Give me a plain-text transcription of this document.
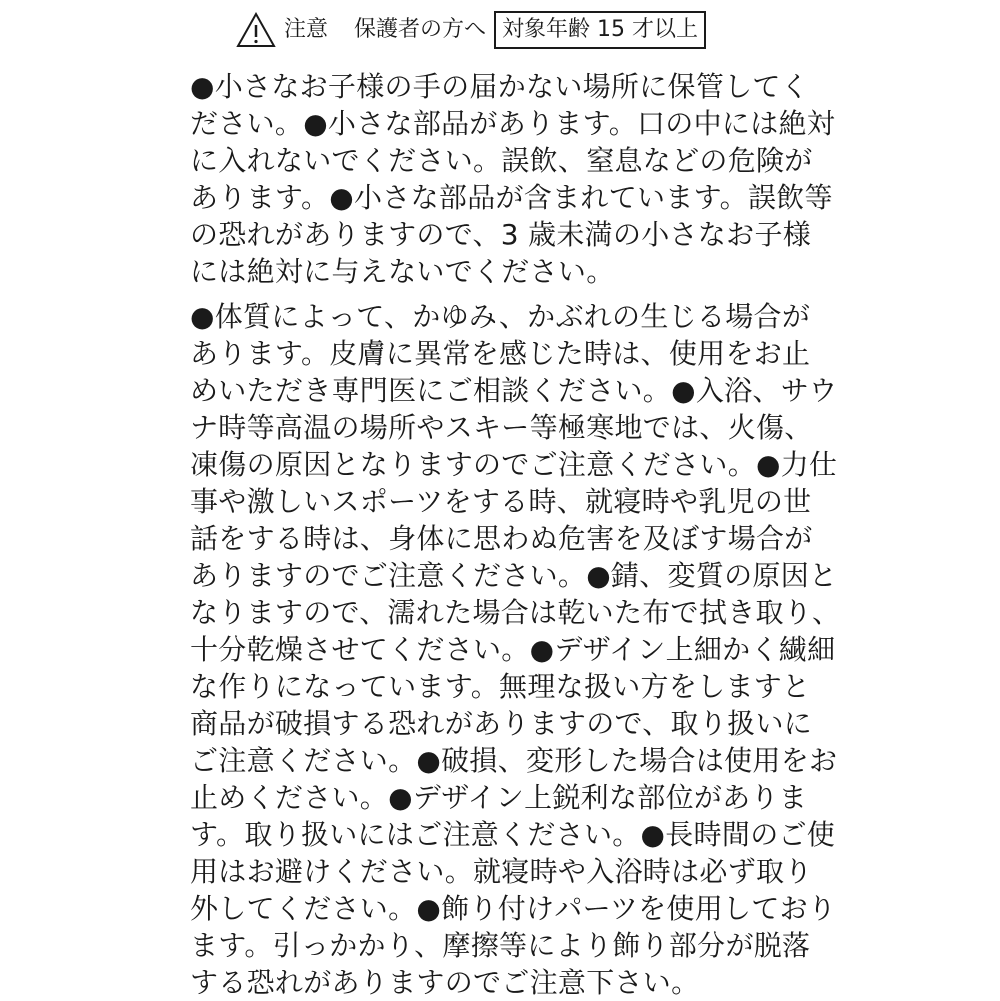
注意 保護者の方へ 対象年齢 15 才以上
●小さなお子様の手の届かない場所に保管してく
ださい。●小さな部品があります。口の中には絶対
に入れないでください。誤飲、窒息などの危険が
あります。●小さな部品が含まれています。誤飲等
の恐れがありますので、3 歳未満の小さなお子様
には絶対に与えないでください。
●体質によって、かゆみ、かぶれの生じる場合が
あります。皮膚に異常を感じた時は、使用をお止
めいただき専門医にご相談ください。●入浴、サウ
ナ時等高温の場所やスキー等極寒地では、火傷、
凍傷の原因となりますのでご注意ください。●力仕
事や激しいスポーツをする時、就寝時や乳児の世
話をする時は、身体に思わぬ危害を及ぼす場合が
ありますのでご注意ください。●錆、変質の原因と
なりますので、濡れた場合は乾いた布で拭き取り、
十分乾燥させてください。●デザイン上細かく繊細
な作りになっています。無理な扱い方をしますと
商品が破損する恐れがありますので、取り扱いに
ご注意ください。●破損、変形した場合は使用をお
止めください。●デザイン上鋭利な部位がありま
す。取り扱いにはご注意ください。●長時間のご使
用はお避けください。就寝時や入浴時は必ず取り
外してください。●飾り付けパーツを使用しており
ます。引っかかり、摩擦等により飾り部分が脱落
する恐れがありますのでご注意下さい。
